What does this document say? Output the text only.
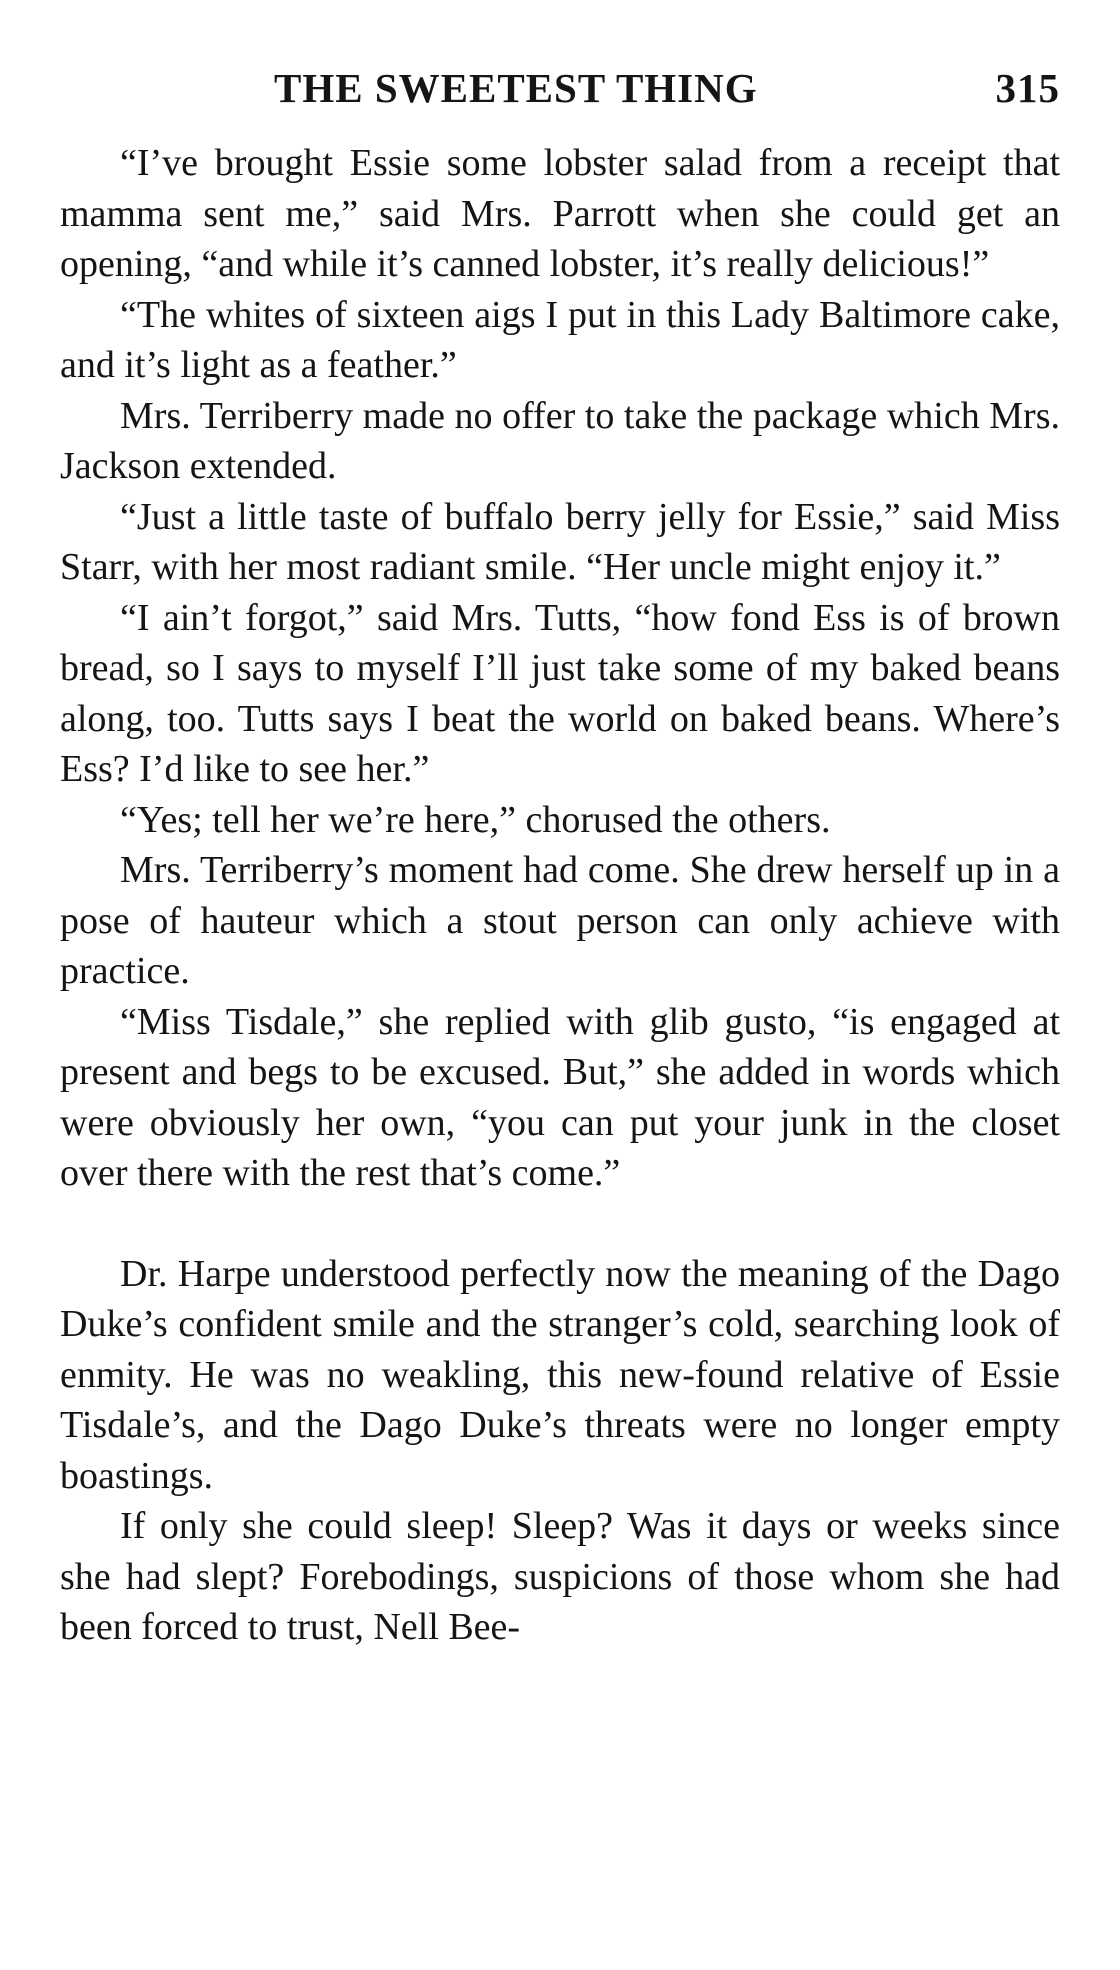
THE SWEETEST THING	315

“I’ve brought Essie some lobster salad from a receipt that mamma sent me,” said Mrs. Parrott when she could get an opening, “and while it’s canned lobster, it’s really delicious!”

“The whites of sixteen aigs I put in this Lady Baltimore cake, and it’s light as a feather.”

Mrs. Terriberry made no offer to take the package which Mrs. Jackson extended.

“Just a little taste of buffalo berry jelly for Essie,” said Miss Starr, with her most radiant smile. “Her uncle might enjoy it.”

“I ain’t forgot,” said Mrs. Tutts, “how fond Ess is of brown bread, so I says to myself I’ll just take some of my baked beans along, too. Tutts says I beat the world on baked beans. Where’s Ess? I’d like to see her.”

“Yes; tell her we’re here,” chorused the others.

Mrs. Terriberry’s moment had come. She drew herself up in a pose of hauteur which a stout person can only achieve with practice.

“Miss Tisdale,” she replied with glib gusto, “is engaged at present and begs to be excused. But,” she added in words which were obviously her own, “you can put your junk in the closet over there with the rest that’s come.”

Dr. Harpe understood perfectly now the meaning of the Dago Duke’s confident smile and the stranger’s cold, searching look of enmity. He was no weakling, this new-found relative of Essie Tisdale’s, and the Dago Duke’s threats were no longer empty boastings.

If only she could sleep! Sleep? Was it days or weeks since she had slept? Forebodings, suspicions of those whom she had been forced to trust, Nell Bee-
